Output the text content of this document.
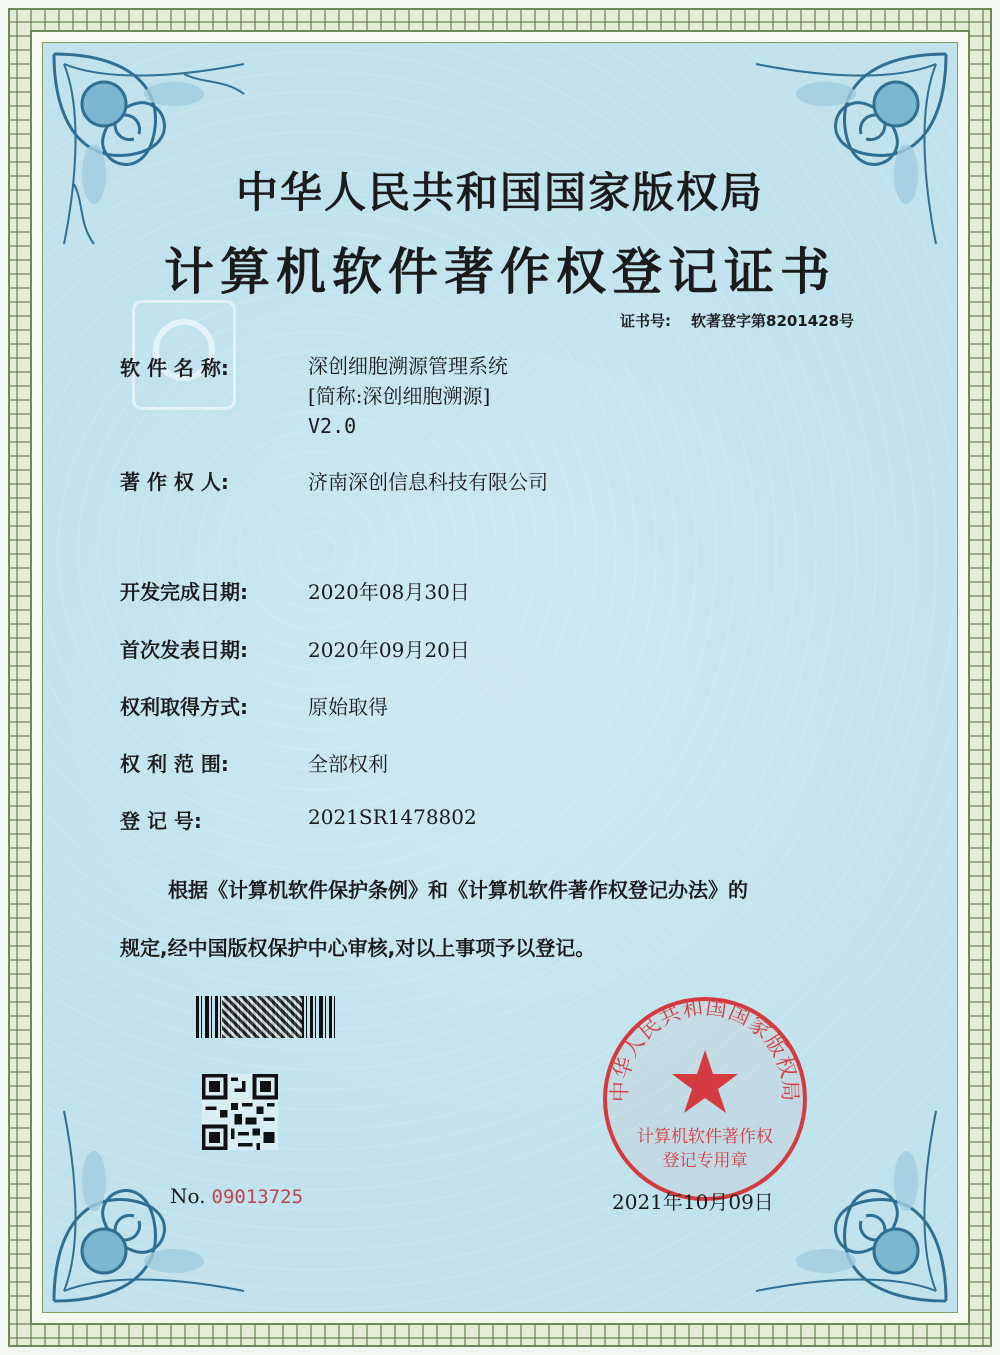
中华人民共和国国家版权局
计算机软件著作权登记证书
证书号: 软著登字第8201428号
软 件 名 称:	深创细胞溯源管理系统
[简称:深创细胞溯源]
V2.0
著 作 权 人:	济南深创信息科技有限公司
开发完成日期:	2020年08月30日
首次发表日期:	2020年09月20日
权利取得方式:	原始取得
权 利 范 围:	全部权利
登 记 号:	2021SR1478802
根据《计算机软件保护条例》和《计算机软件著作权登记办法》的
规定,经中国版权保护中心审核,对以上事项予以登记。
No. 09013725
中华人民共和国国家版权局
计算机软件著作权
登记专用章
2021年10月09日
